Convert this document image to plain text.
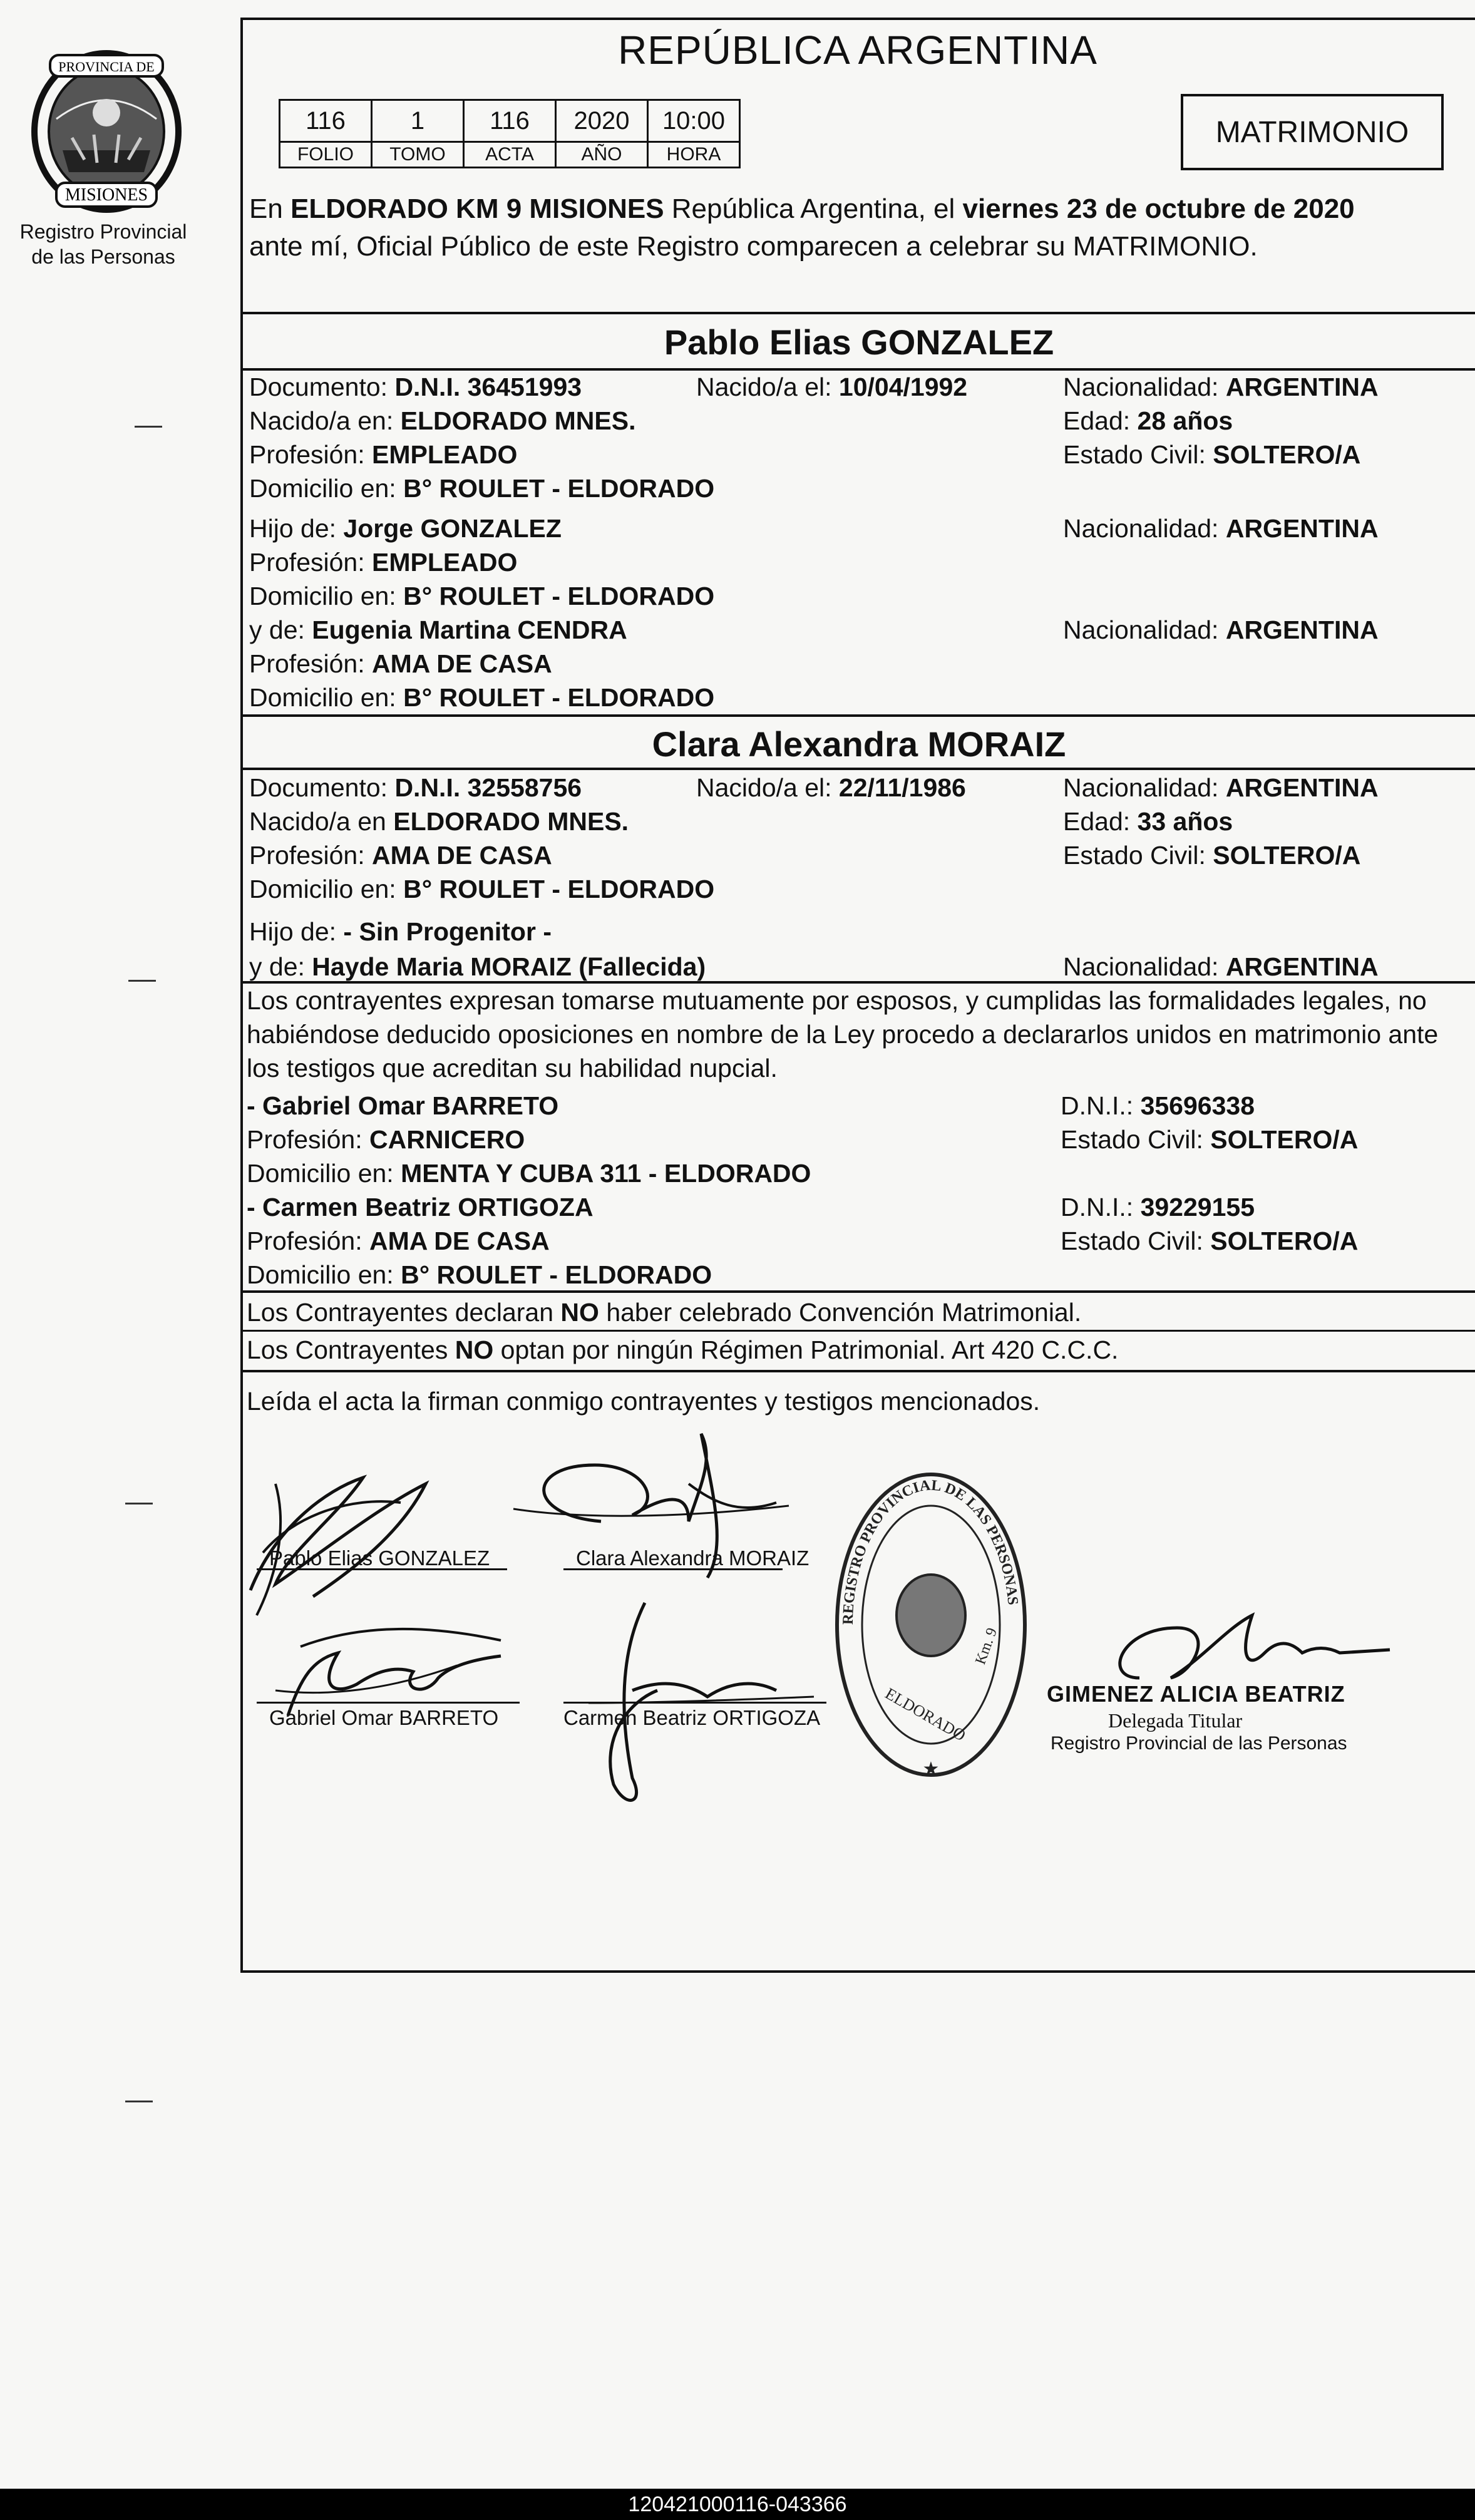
PROVINCIA DE
MISIONES
Registro Provincial
de las Personas
REPÚBLICA ARGENTINA
116	1	116	2020	10:00
FOLIO	TOMO	ACTA	AÑO	HORA
MATRIMONIO
En ELDORADO KM 9 MISIONES República Argentina, el viernes 23 de octubre de 2020
ante mí, Oficial Público de este Registro comparecen a celebrar su MATRIMONIO.
Pablo Elias GONZALEZ
Documento: D.N.I. 36451993	Nacido/a el: 10/04/1992	Nacionalidad: ARGENTINA
Nacido/a en: ELDORADO MNES.	Edad: 28 años
Profesión: EMPLEADO	Estado Civil: SOLTERO/A
Domicilio en: B° ROULET - ELDORADO
Hijo de: Jorge GONZALEZ	Nacionalidad: ARGENTINA
Profesión: EMPLEADO
Domicilio en: B° ROULET - ELDORADO
y de: Eugenia Martina CENDRA	Nacionalidad: ARGENTINA
Profesión: AMA DE CASA
Domicilio en: B° ROULET - ELDORADO
Clara Alexandra MORAIZ
Documento: D.N.I. 32558756	Nacido/a el: 22/11/1986	Nacionalidad: ARGENTINA
Nacido/a en ELDORADO MNES.	Edad: 33 años
Profesión: AMA DE CASA	Estado Civil: SOLTERO/A
Domicilio en: B° ROULET - ELDORADO
Hijo de: - Sin Progenitor -
y de: Hayde Maria MORAIZ (Fallecida)	Nacionalidad: ARGENTINA
Los contrayentes expresan tomarse mutuamente por esposos, y cumplidas las formalidades legales, no
habiéndose deducido oposiciones en nombre de la Ley procedo a declararlos unidos en matrimonio ante
los testigos que acreditan su habilidad nupcial.
- Gabriel Omar BARRETO	D.N.I.: 35696338
Profesión: CARNICERO	Estado Civil: SOLTERO/A
Domicilio en: MENTA Y CUBA 311 - ELDORADO
- Carmen Beatriz ORTIGOZA	D.N.I.: 39229155
Profesión: AMA DE CASA	Estado Civil: SOLTERO/A
Domicilio en: B° ROULET - ELDORADO
Los Contrayentes declaran NO haber celebrado Convención Matrimonial.
Los Contrayentes NO optan por ningún Régimen Patrimonial. Art 420 C.C.C.
Leída el acta la firman conmigo contrayentes y testigos mencionados.
Pablo Elias GONZALEZ	Clara Alexandra MORAIZ
Gabriel Omar BARRETO	Carmen Beatriz ORTIGOZA
REGISTRO PROVINCIAL DE LAS PERSONAS
ELDORADO
Km. 9
★
GIMENEZ ALICIA BEATRIZ
Delegada Titular
Registro Provincial de las Personas
120421000116-043366
